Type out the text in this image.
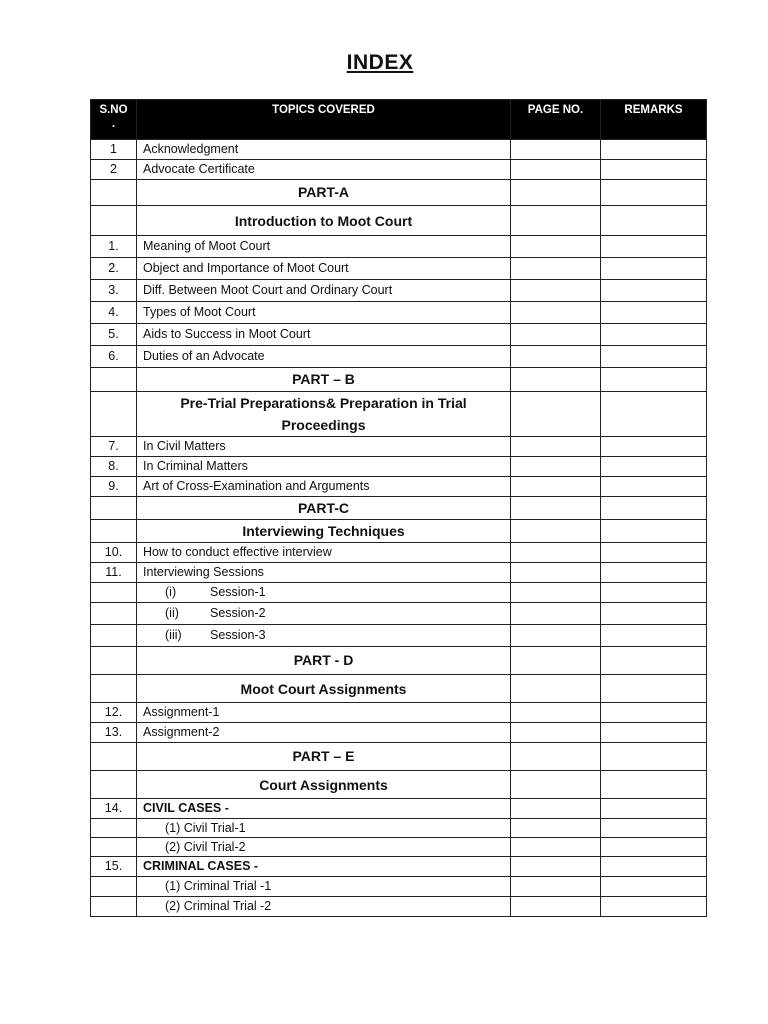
INDEX
S.NO .	TOPICS COVERED	PAGE NO.	REMARKS
1	Acknowledgment		
2	Advocate Certificate		
	PART-A		
	Introduction to Moot Court		
1.	Meaning of Moot Court		
2.	Object and Importance of Moot Court		
3.	Diff. Between Moot Court and Ordinary Court		
4.	Types of Moot Court		
5.	Aids to Success in Moot Court		
6.	Duties of an Advocate		
	PART – B		
	Pre-Trial Preparations& Preparation in Trial Proceedings		
7.	In Civil Matters		
8.	In Criminal Matters		
9.	Art of Cross-Examination and Arguments		
	PART-C		
	Interviewing Techniques		
10.	How to conduct effective interview		
11.	Interviewing Sessions		
	(i) Session-1		
	(ii) Session-2		
	(iii) Session-3		
	PART - D		
	Moot Court Assignments		
12.	Assignment-1		
13.	Assignment-2		
	PART – E		
	Court Assignments		
14.	CIVIL CASES -		
	(1) Civil Trial-1		
	(2) Civil Trial-2		
15.	CRIMINAL CASES -		
	(1) Criminal Trial -1		
	(2) Criminal Trial -2		
